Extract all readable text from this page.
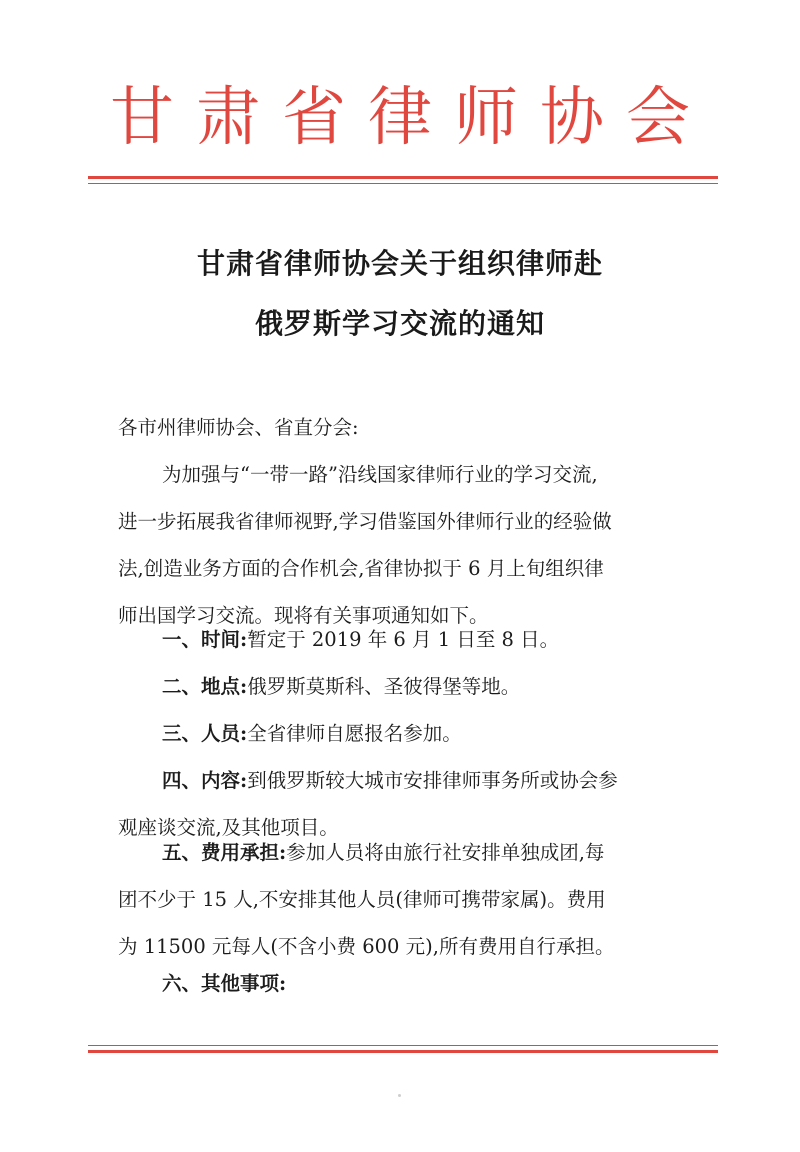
甘肃省律师协会
甘肃省律师协会关于组织律师赴
俄罗斯学习交流的通知
各市州律师协会、省直分会:
为加强与“一带一路”沿线国家律师行业的学习交流,
进一步拓展我省律师视野,学习借鉴国外律师行业的经验做
法,创造业务方面的合作机会,省律协拟于 6 月上旬组织律
师出国学习交流。现将有关事项通知如下。
一、时间:暂定于 2019 年 6 月 1 日至 8 日。
二、地点:俄罗斯莫斯科、圣彼得堡等地。
三、人员:全省律师自愿报名参加。
四、内容:到俄罗斯较大城市安排律师事务所或协会参
观座谈交流,及其他项目。
五、费用承担:参加人员将由旅行社安排单独成团,每
团不少于 15 人,不安排其他人员(律师可携带家属)。费用
为 11500 元每人(不含小费 600 元),所有费用自行承担。
六、其他事项:
